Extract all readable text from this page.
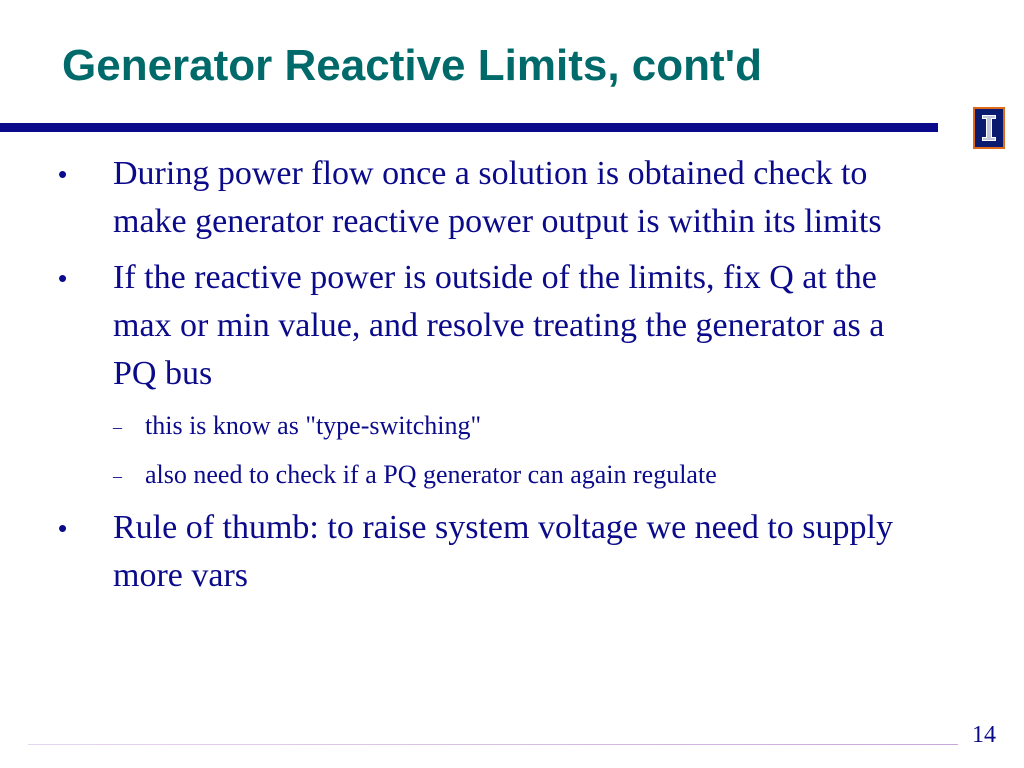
Generator Reactive Limits, cont'd
• During power flow once a solution is obtained check to make generator reactive power output is within its limits
• If the reactive power is outside of the limits, fix Q at the max or min value, and resolve treating the generator as a PQ bus
– this is know as "type-switching"
– also need to check if a PQ generator can again regulate
• Rule of thumb: to raise system voltage we need to supply more vars
14
